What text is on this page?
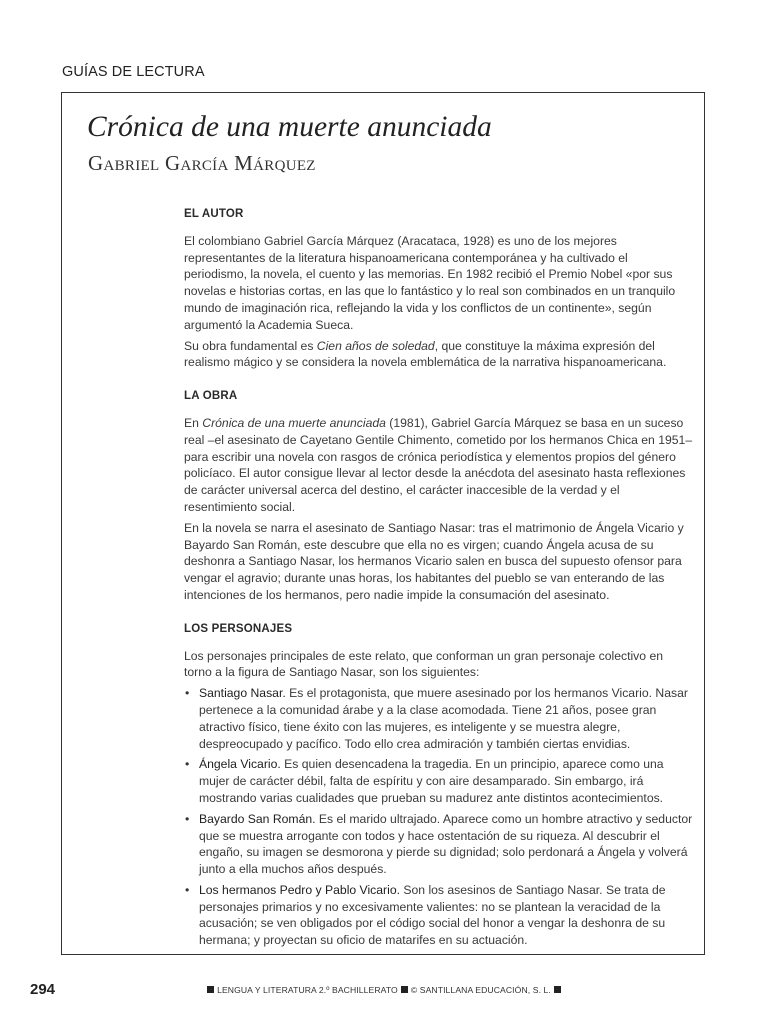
GUÍAS DE LECTURA
Crónica de una muerte anunciada
Gabriel García Márquez
EL AUTOR

El colombiano Gabriel García Márquez (Aracataca, 1928) es uno de los mejores representantes de la literatura hispanoamericana contemporánea y ha cultivado el periodismo, la novela, el cuento y las memorias. En 1982 recibió el Premio Nobel «por sus novelas e historias cortas, en las que lo fantástico y lo real son combinados en un tranquilo mundo de imaginación rica, reflejando la vida y los conflictos de un continente», según argumentó la Academia Sueca.

Su obra fundamental es Cien años de soledad, que constituye la máxima expresión del realismo mágico y se considera la novela emblemática de la narrativa hispanoamericana.

LA OBRA

En Crónica de una muerte anunciada (1981), Gabriel García Márquez se basa en un suceso real –el asesinato de Cayetano Gentile Chimento, cometido por los hermanos Chica en 1951– para escribir una novela con rasgos de crónica periodística y elementos propios del género policíaco. El autor consigue llevar al lector desde la anécdota del asesinato hasta reflexiones de carácter universal acerca del destino, el carácter inaccesible de la verdad y el resentimiento social.

En la novela se narra el asesinato de Santiago Nasar: tras el matrimonio de Ángela Vicario y Bayardo San Román, este descubre que ella no es virgen; cuando Ángela acusa de su deshonra a Santiago Nasar, los hermanos Vicario salen en busca del supuesto ofensor para vengar el agravio; durante unas horas, los habitantes del pueblo se van enterando de las intenciones de los hermanos, pero nadie impide la consumación del asesinato.

LOS PERSONAJES

Los personajes principales de este relato, que conforman un gran personaje colectivo en torno a la figura de Santiago Nasar, son los siguientes:

• Santiago Nasar. Es el protagonista, que muere asesinado por los hermanos Vicario. Nasar pertenece a la comunidad árabe y a la clase acomodada. Tiene 21 años, posee gran atractivo físico, tiene éxito con las mujeres, es inteligente y se muestra alegre, despreocupado y pacífico. Todo ello crea admiración y también ciertas envidias.
• Ángela Vicario. Es quien desencadena la tragedia. En un principio, aparece como una mujer de carácter débil, falta de espíritu y con aire desamparado. Sin embargo, irá mostrando varias cualidades que prueban su madurez ante distintos acontecimientos.
• Bayardo San Román. Es el marido ultrajado. Aparece como un hombre atractivo y seductor que se muestra arrogante con todos y hace ostentación de su riqueza. Al descubrir el engaño, su imagen se desmorona y pierde su dignidad; solo perdonará a Ángela y volverá junto a ella muchos años después.
• Los hermanos Pedro y Pablo Vicario. Son los asesinos de Santiago Nasar. Se trata de personajes primarios y no excesivamente valientes: no se plantean la veracidad de la acusación; se ven obligados por el código social del honor a vengar la deshonra de su hermana; y proyectan su oficio de matarifes en su actuación.
294	LENGUA Y LITERATURA 2.º BACHILLERATO © SANTILLANA EDUCACIÓN, S. L.
